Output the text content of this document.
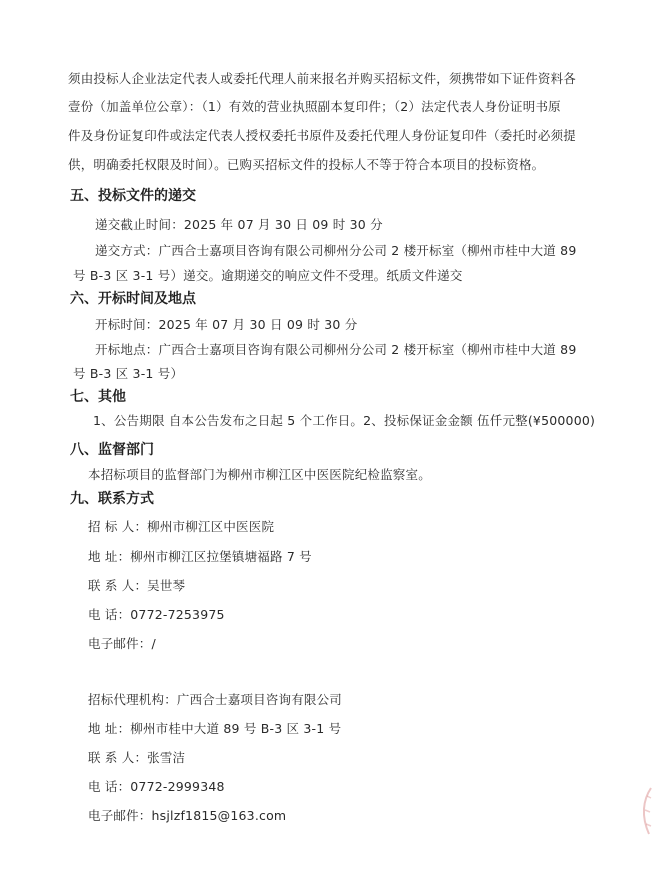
须由投标人企业法定代表人或委托代理人前来报名并购买招标文件，须携带如下证件资料各
壹份（加盖单位公章）：（1）有效的营业执照副本复印件；（2）法定代表人身份证明书原
件及身份证复印件或法定代表人授权委托书原件及委托代理人身份证复印件（委托时必须提
供，明确委托权限及时间）。已购买招标文件的投标人不等于符合本项目的投标资格。
五、投标文件的递交
递交截止时间：2025 年 07 月 30 日 09 时 30 分
递交方式：广西合士嘉项目咨询有限公司柳州分公司 2 楼开标室（柳州市桂中大道 89
号 B-3 区 3-1 号）递交。逾期递交的响应文件不受理。纸质文件递交
六、开标时间及地点
开标时间：2025 年 07 月 30 日 09 时 30 分
开标地点：广西合士嘉项目咨询有限公司柳州分公司 2 楼开标室（柳州市桂中大道 89
号 B-3 区 3-1 号）
七、其他
1、公告期限 自本公告发布之日起 5 个工作日。2、投标保证金金额 伍仟元整(¥500000)
八、监督部门
本招标项目的监督部门为柳州市柳江区中医医院纪检监察室。
九、联系方式
招 标 人：柳州市柳江区中医医院
地 址：柳州市柳江区拉堡镇塘福路 7 号
联 系 人：吴世琴
电 话：0772-7253975
电子邮件：/
招标代理机构：广西合士嘉项目咨询有限公司
地 址：柳州市桂中大道 89 号 B-3 区 3-1 号
联 系 人：张雪洁
电 话：0772-2999348
电子邮件：hsjlzf1815@163.com
